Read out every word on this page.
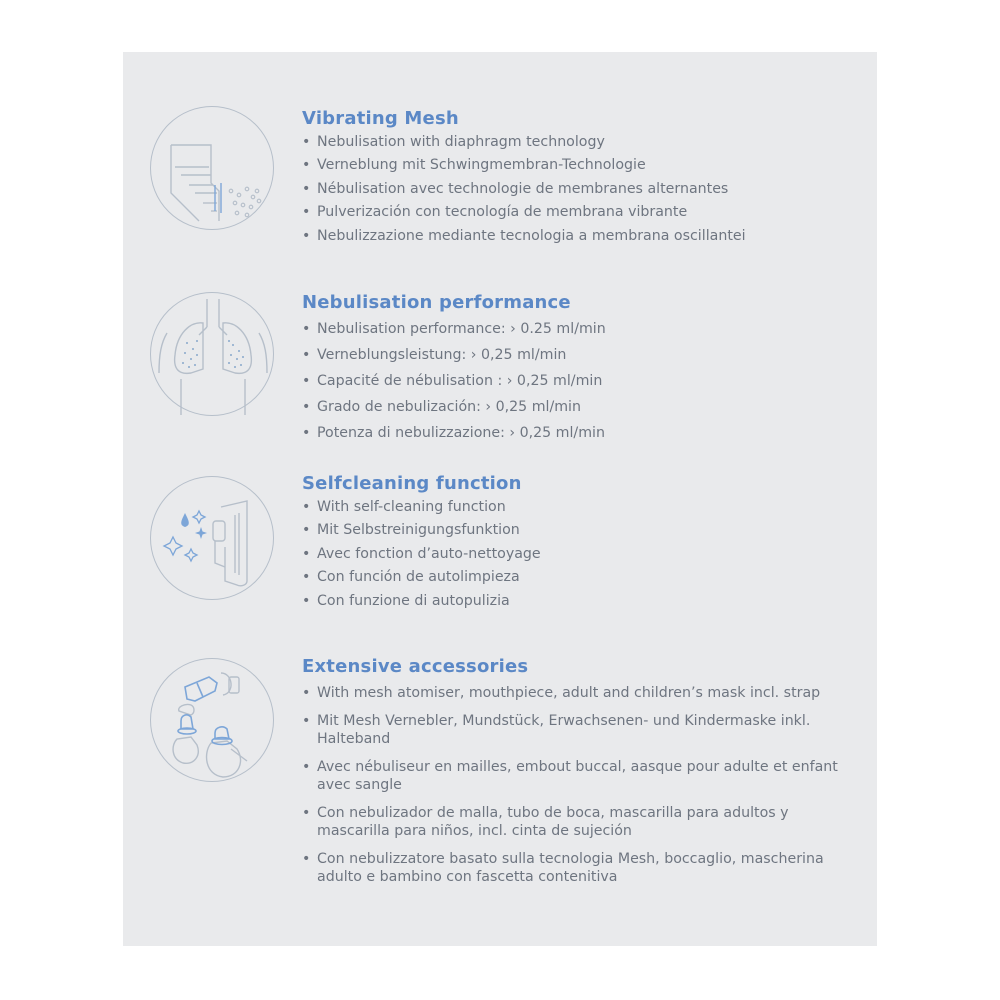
Vibrating Mesh
• Nebulisation with diaphragm technology
• Verneblung mit Schwingmembran-Technologie
• Nébulisation avec technologie de membranes alternantes
• Pulverización con tecnología de membrana vibrante
• Nebulizzazione mediante tecnologia a membrana oscillantei
Nebulisation performance
• Nebulisation performance: › 0.25 ml/min
• Verneblungsleistung: › 0,25 ml/min
• Capacité de nébulisation : › 0,25 ml/min
• Grado de nebulización: › 0,25 ml/min
• Potenza di nebulizzazione: › 0,25 ml/min
Selfcleaning function
• With self-cleaning function
• Mit Selbstreinigungsfunktion
• Avec fonction d’auto-nettoyage
• Con función de autolimpieza
• Con funzione di autopulizia
Extensive accessories
• With mesh atomiser, mouthpiece, adult and children’s mask incl. strap
• Mit Mesh Vernebler, Mundstück, Erwachsenen- und Kindermaske inkl. Halteband
• Avec nébuliseur en mailles, embout buccal, aasque pour adulte et enfant avec sangle
• Con nebulizador de malla, tubo de boca, mascarilla para adultos y mascarilla para niños, incl. cinta de sujeción
• Con nebulizzatore basato sulla tecnologia Mesh, boccaglio, mascherina adulto e bambino con fascetta contenitiva
